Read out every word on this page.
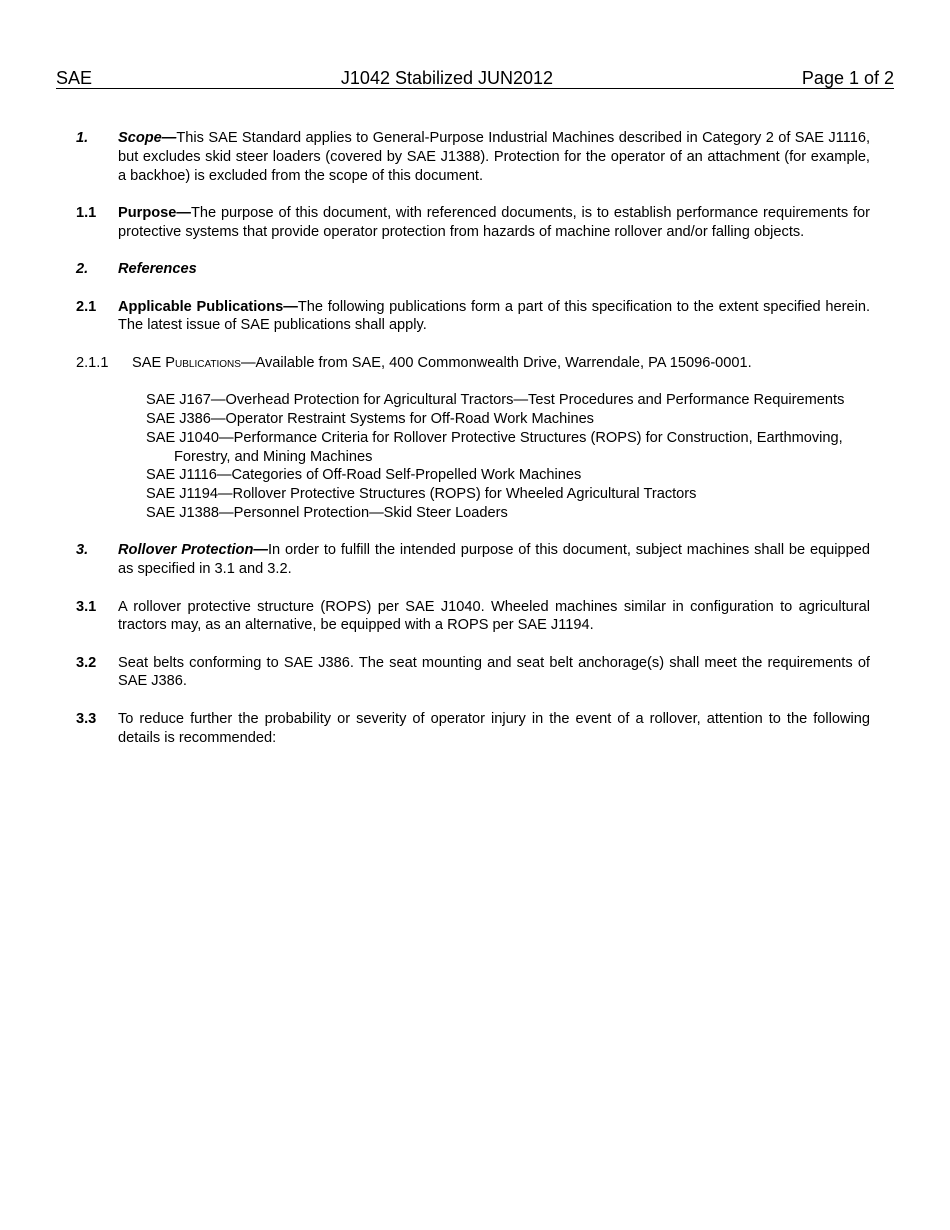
SAE	J1042 Stabilized JUN2012	Page 1 of 2
1. Scope—This SAE Standard applies to General-Purpose Industrial Machines described in Category 2 of SAE J1116, but excludes skid steer loaders (covered by SAE J1388). Protection for the operator of an attachment (for example, a backhoe) is excluded from the scope of this document.
1.1 Purpose—The purpose of this document, with referenced documents, is to establish performance requirements for protective systems that provide operator protection from hazards of machine rollover and/or falling objects.
2. References
2.1 Applicable Publications—The following publications form a part of this specification to the extent specified herein. The latest issue of SAE publications shall apply.
2.1.1 SAE Publications—Available from SAE, 400 Commonwealth Drive, Warrendale, PA 15096-0001.
SAE J167—Overhead Protection for Agricultural Tractors—Test Procedures and Performance Requirements
SAE J386—Operator Restraint Systems for Off-Road Work Machines
SAE J1040—Performance Criteria for Rollover Protective Structures (ROPS) for Construction, Earthmoving, Forestry, and Mining Machines
SAE J1116—Categories of Off-Road Self-Propelled Work Machines
SAE J1194—Rollover Protective Structures (ROPS) for Wheeled Agricultural Tractors
SAE J1388—Personnel Protection—Skid Steer Loaders
3. Rollover Protection—In order to fulfill the intended purpose of this document, subject machines shall be equipped as specified in 3.1 and 3.2.
3.1 A rollover protective structure (ROPS) per SAE J1040. Wheeled machines similar in configuration to agricultural tractors may, as an alternative, be equipped with a ROPS per SAE J1194.
3.2 Seat belts conforming to SAE J386. The seat mounting and seat belt anchorage(s) shall meet the requirements of SAE J386.
3.3 To reduce further the probability or severity of operator injury in the event of a rollover, attention to the following details is recommended:
